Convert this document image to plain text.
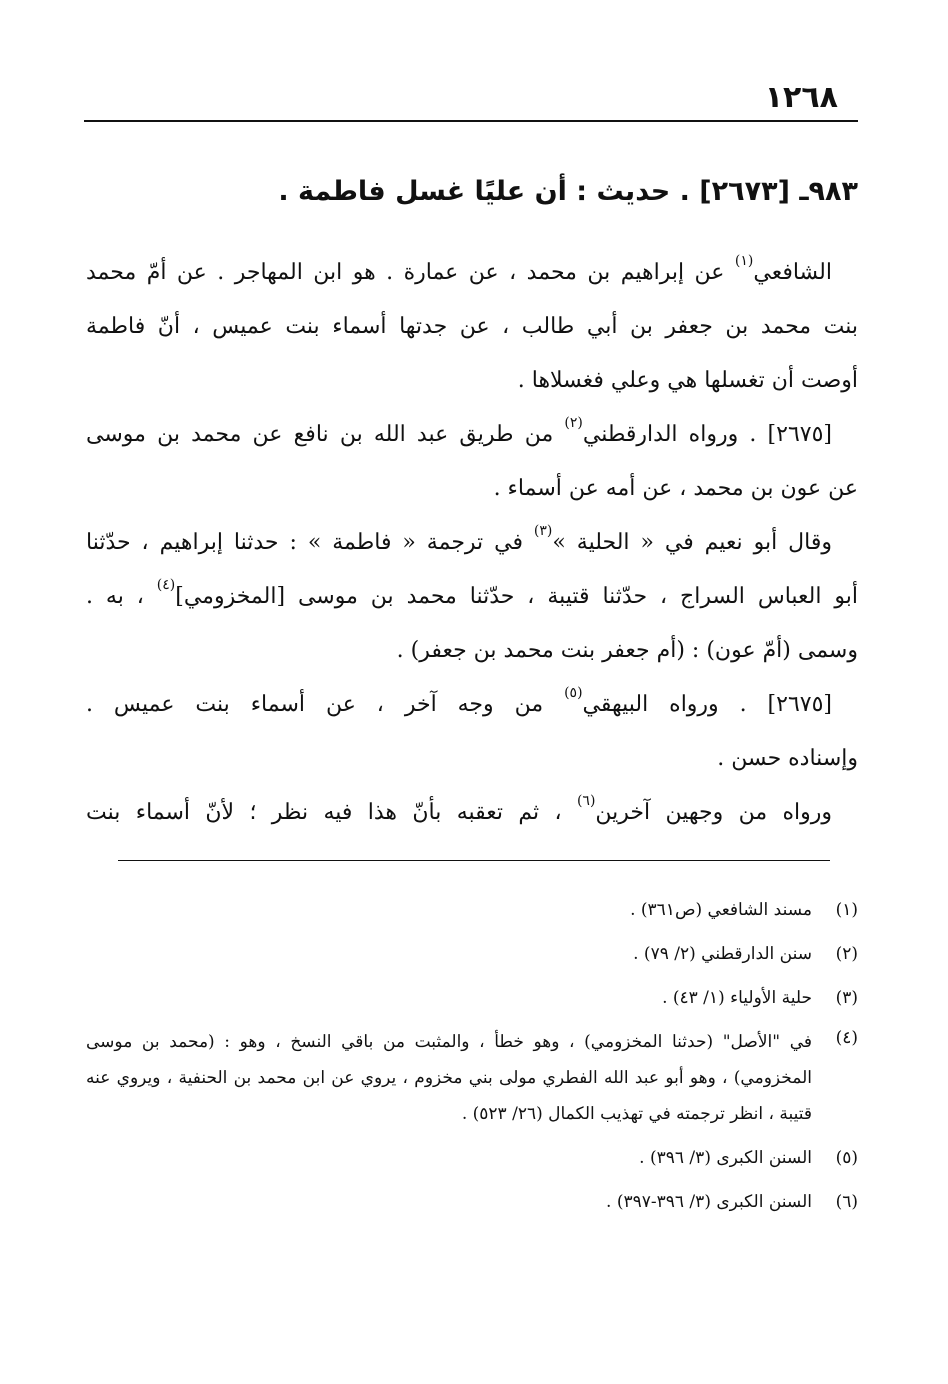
١٢٦٨
٩٨٣ـ [٢٦٧٣] . حديث : أن عليًا غسل فاطمة .
الشافعي$^{(١)}$ عن إبراهيم بن محمد ، عن عمارة . هو ابن المهاجر . عن أمّ محمد
بنت محمد بن جعفر بن أبي طالب ، عن جدتها أسماء بنت عميس ، أنّ فاطمة
أوصت أن تغسلها هي وعلي فغسلاها .
[٢٦٧٥] . ورواه الدارقطني$^{(٢)}$ من طريق عبد الله بن نافع عن محمد بن موسى
عن عون بن محمد ، عن أمه عن أسماء .
وقال أبو نعيم في « الحلية »$^{(٣)}$ في ترجمة « فاطمة » : حدثنا إبراهيم ، حدّثنا
أبو العباس السراج ، حدّثنا قتيبة ، حدّثنا محمد بن موسى [المخزومي]$^{(٤)}$ ، به .
وسمى (أمّ عون) : (أم جعفر بنت محمد بن جعفر) .
[٢٦٧٥] . ورواه البيهقي$^{(٥)}$ من وجه آخر ، عن أسماء بنت عميس .
وإسناده حسن .
ورواه من وجهين آخرين$^{(٦)}$ ، ثم تعقبه بأنّ هذا فيه نظر ؛ لأنّ أسماء بنت
(١)
مسند الشافعي (ص٣٦١) .
(٢)
سنن الدارقطني (٢/ ٧٩) .
(٣)
حلية الأولياء (١/ ٤٣) .
(٤)
في "الأصل" (حدثنا المخزومي) ، وهو خطأ ، والمثبت من باقي النسخ ، وهو : (محمد بن موسى المخزومي) ، وهو أبو عبد الله الفطري مولى بني مخزوم ، يروي عن ابن محمد بن الحنفية ، ويروي عنه قتيبة ، انظر ترجمته في تهذيب الكمال (٢٦/ ٥٢٣) .
(٥)
السنن الكبرى (٣/ ٣٩٦) .
(٦)
السنن الكبرى (٣/ ٣٩٦-٣٩٧) .
